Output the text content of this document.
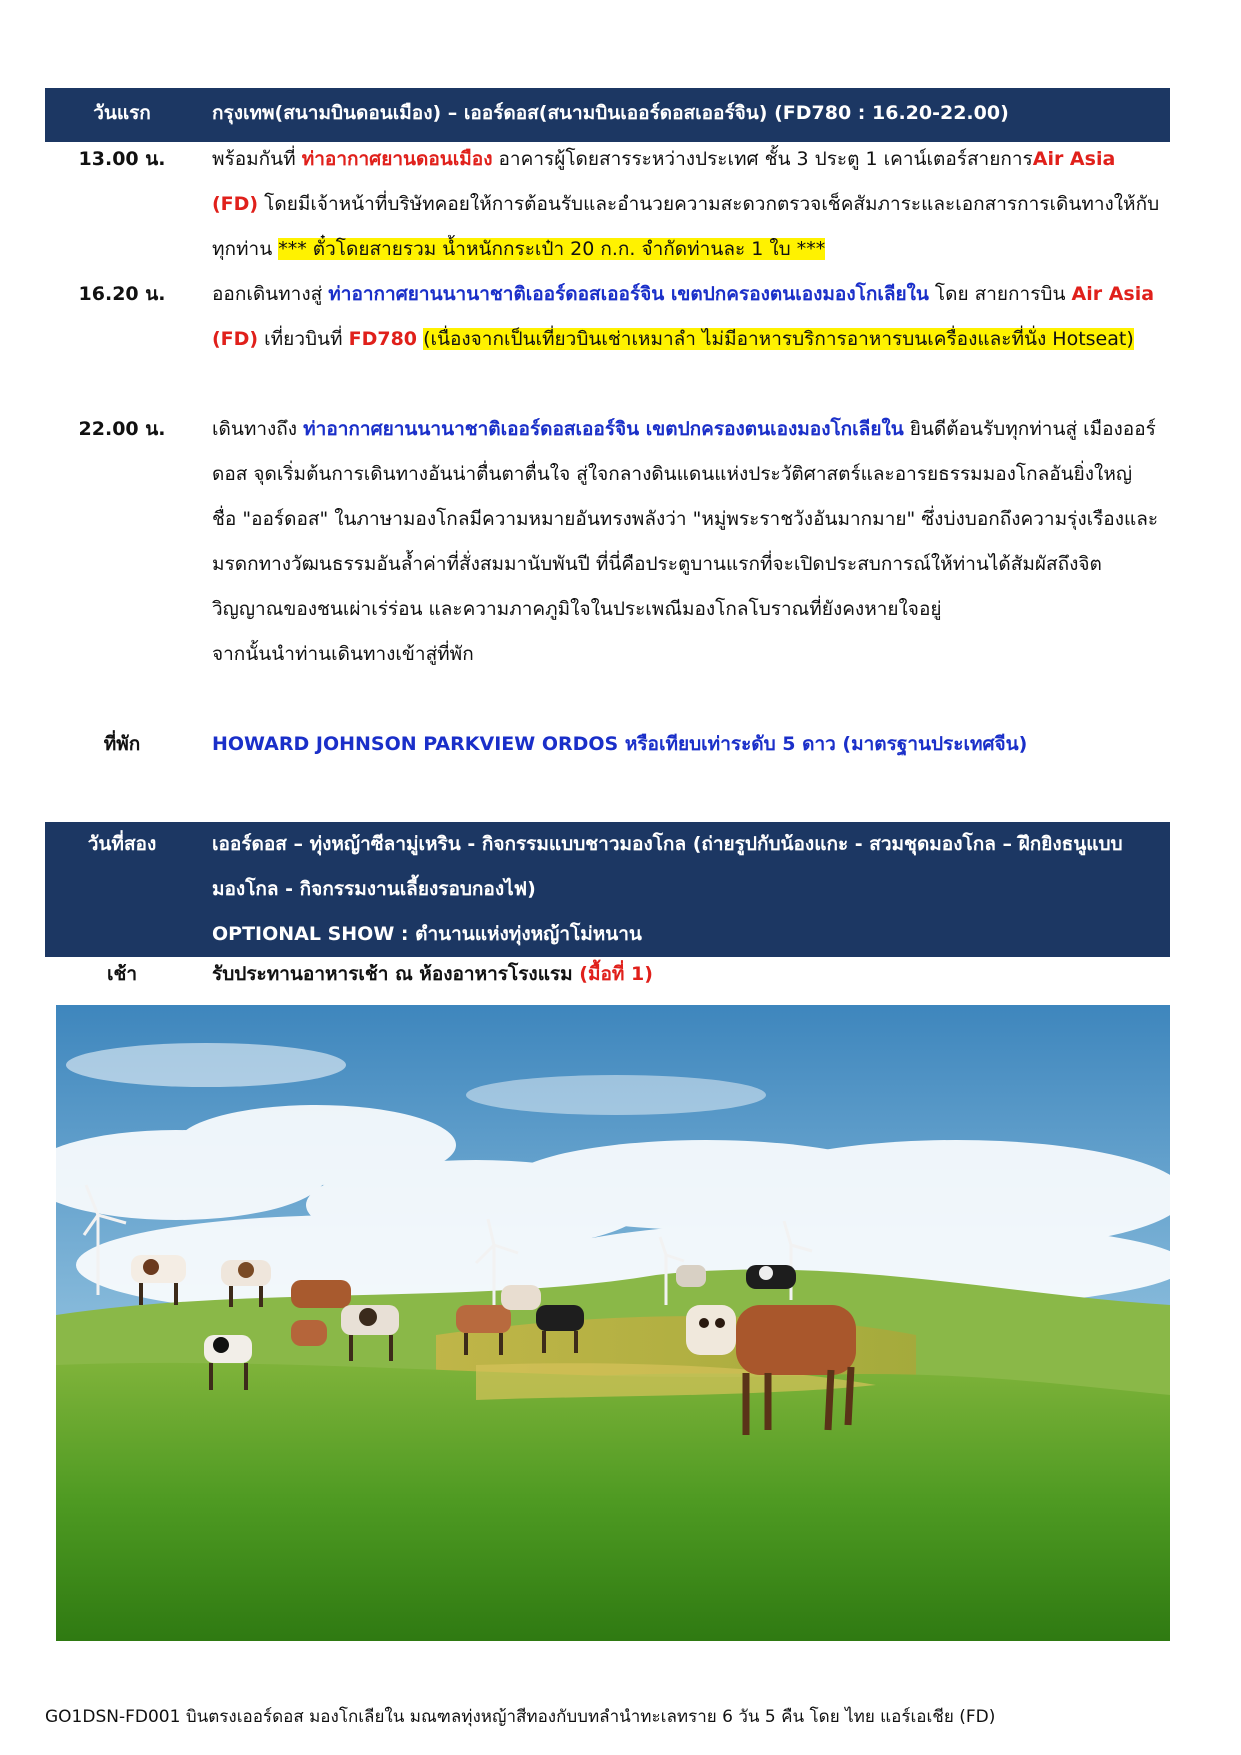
วันแรก	กรุงเทพ(สนามบินดอนเมือง) – เออร์ดอส(สนามบินเออร์ดอสเออร์จิน) (FD780 : 16.20-22.00)
13.00 น.	พร้อมกันที่ ท่าอากาศยานดอนเมือง อาคารผู้โดยสารระหว่างประเทศ ชั้น 3 ประตู 1 เคาน์เตอร์สายการAir Asia (FD) โดยมีเจ้าหน้าที่บริษัทคอยให้การต้อนรับและอำนวยความสะดวกตรวจเช็คสัมภาระและเอกสารการเดินทางให้กับทุกท่าน *** ตั๋วโดยสายรวม น้ำหนักกระเป๋า 20 ก.ก. จำกัดท่านละ 1 ใบ ***
16.20 น.	ออกเดินทางสู่ ท่าอากาศยานนานาชาติเออร์ดอสเออร์จิน เขตปกครองตนเองมองโกเลียใน โดย สายการบิน Air Asia (FD) เที่ยวบินที่ FD780 (เนื่องจากเป็นเที่ยวบินเช่าเหมาลำ ไม่มีอาหารบริการอาหารบนเครื่องและที่นั่ง Hotseat)
22.00 น.	เดินทางถึง ท่าอากาศยานนานาชาติเออร์ดอสเออร์จิน เขตปกครองตนเองมองโกเลียใน ยินดีต้อนรับทุกท่านสู่ เมืองออร์ดอส จุดเริ่มต้นการเดินทางอันน่าตื่นตาตื่นใจ สู่ใจกลางดินแดนแห่งประวัติศาสตร์และอารยธรรมมองโกลอันยิ่งใหญ่ ชื่อ "ออร์ดอส" ในภาษามองโกลมีความหมายอันทรงพลังว่า "หมู่พระราชวังอันมากมาย" ซึ่งบ่งบอกถึงความรุ่งเรืองและมรดกทางวัฒนธรรมอันล้ำค่าที่สั่งสมมานับพันปี ที่นี่คือประตูบานแรกที่จะเปิดประสบการณ์ให้ท่านได้สัมผัสถึงจิตวิญญาณของชนเผ่าเร่ร่อน และความภาคภูมิใจในประเพณีมองโกลโบราณที่ยังคงหายใจอยู่
จากนั้นนำท่านเดินทางเข้าสู่ที่พัก
ที่พัก	HOWARD JOHNSON PARKVIEW ORDOS หรือเทียบเท่าระดับ 5 ดาว (มาตรฐานประเทศจีน)
วันที่สอง	เออร์ดอส – ทุ่งหญ้าซีลามู่เหริน - กิจกรรมแบบชาวมองโกล (ถ่ายรูปกับน้องแกะ - สวมชุดมองโกล – ฝึกยิงธนูแบบมองโกล - กิจกรรมงานเลี้ยงรอบกองไฟ)
OPTIONAL SHOW : ตำนานแห่งทุ่งหญ้าโม่หนาน
เช้า	รับประทานอาหารเช้า ณ ห้องอาหารโรงแรม (มื้อที่ 1)
GO1DSN-FD001 บินตรงเออร์ดอส มองโกเลียใน มณฑลทุ่งหญ้าสีทองกับบทลำนำทะเลทราย 6 วัน 5 คืน โดย ไทย แอร์เอเชีย (FD)
